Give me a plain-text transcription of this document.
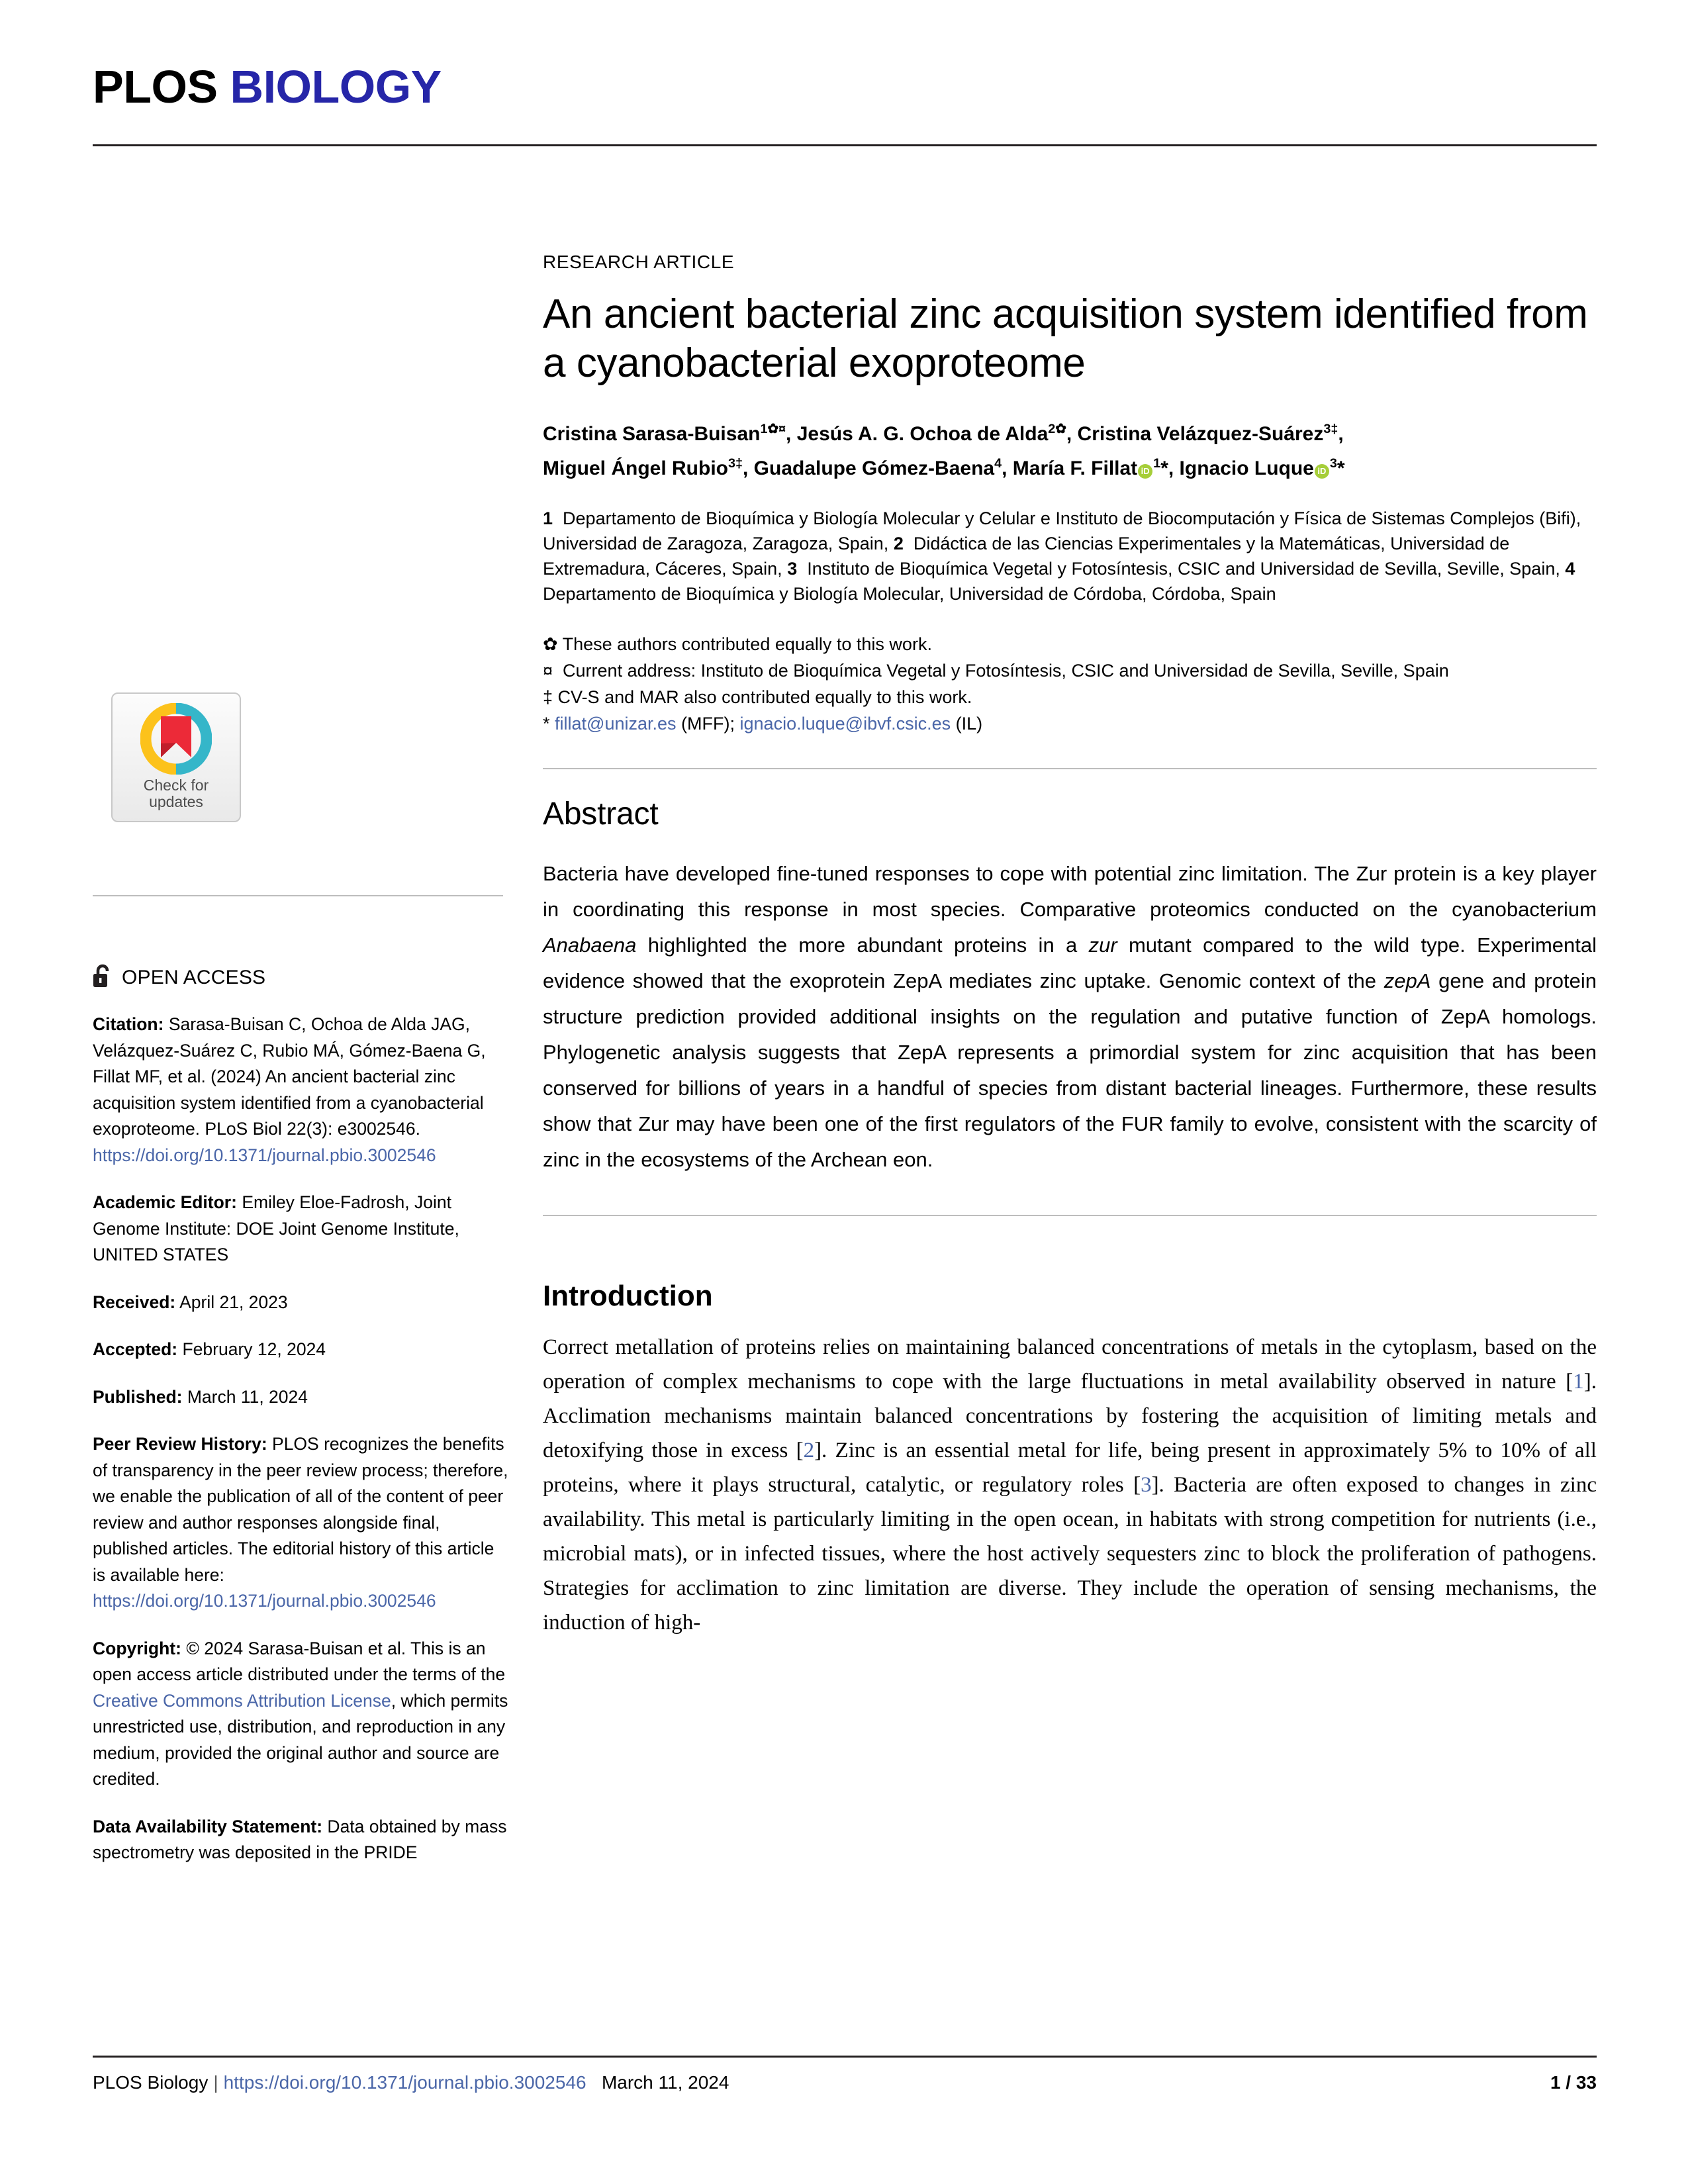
PLOS BIOLOGY
Check for
updates
OPEN ACCESS

Citation: Sarasa-Buisan C, Ochoa de Alda JAG, Velázquez-Suárez C, Rubio MÁ, Gómez-Baena G, Fillat MF, et al. (2024) An ancient bacterial zinc acquisition system identified from a cyanobacterial exoproteome. PLoS Biol 22(3): e3002546. https://doi.org/10.1371/journal.pbio.3002546

Academic Editor: Emiley Eloe-Fadrosh, Joint Genome Institute: DOE Joint Genome Institute, UNITED STATES

Received: April 21, 2023

Accepted: February 12, 2024

Published: March 11, 2024

Peer Review History: PLOS recognizes the benefits of transparency in the peer review process; therefore, we enable the publication of all of the content of peer review and author responses alongside final, published articles. The editorial history of this article is available here: https://doi.org/10.1371/journal.pbio.3002546

Copyright: © 2024 Sarasa-Buisan et al. This is an open access article distributed under the terms of the Creative Commons Attribution License, which permits unrestricted use, distribution, and reproduction in any medium, provided the original author and source are credited.

Data Availability Statement: Data obtained by mass spectrometry was deposited in the PRIDE

RESEARCH ARTICLE

An ancient bacterial zinc acquisition system identified from a cyanobacterial exoproteome

Cristina Sarasa-Buisan$^{1✿¤}$, Jesús A. G. Ochoa de Alda$^{2✿}$, Cristina Velázquez-Suárez$^{3\ddagger}$,
Miguel Ángel Rubio$^{3\ddagger}$, Guadalupe Gómez-Baena$^4$, María F. Fillat $iD^1*$, Ignacio Luque $iD^3*$

1 Departamento de Bioquímica y Biología Molecular y Celular e Instituto de Biocomputación y Física de Sistemas Complejos (Bifi), Universidad de Zaragoza, Zaragoza, Spain, 2 Didáctica de las Ciencias Experimentales y la Matemáticas, Universidad de Extremadura, Cáceres, Spain, 3 Instituto de Bioquímica Vegetal y Fotosíntesis, CSIC and Universidad de Sevilla, Seville, Spain, 4  Departamento de Bioquímica y Biología Molecular, Universidad de Córdoba, Córdoba, Spain

✿ These authors contributed equally to this work.
¤ Current address: Instituto de Bioquímica Vegetal y Fotosíntesis, CSIC and Universidad de Sevilla, Seville, Spain
‡ CV-S and MAR also contributed equally to this work.
* fillat@unizar.es (MFF); ignacio.luque@ibvf.csic.es (IL)
Abstract

Bacteria have developed fine-tuned responses to cope with potential zinc limitation. The Zur protein is a key player in coordinating this response in most species. Comparative proteomics conducted on the cyanobacterium Anabaena highlighted the more abundant proteins in a zur mutant compared to the wild type. Experimental evidence showed that the exoprotein ZepA mediates zinc uptake. Genomic context of the zepA gene and protein structure prediction provided additional insights on the regulation and putative function of ZepA homologs. Phylogenetic analysis suggests that ZepA represents a primordial system for zinc acquisition that has been conserved for billions of years in a handful of species from distant bacterial lineages. Furthermore, these results show that Zur may have been one of the first regulators of the FUR family to evolve, consistent with the scarcity of zinc in the ecosystems of the Archean eon.

Introduction

Correct metallation of proteins relies on maintaining balanced concentrations of metals in the cytoplasm, based on the operation of complex mechanisms to cope with the large fluctuations in metal availability observed in nature [1]. Acclimation mechanisms maintain balanced concentrations by fostering the acquisition of limiting metals and detoxifying those in excess [2]. Zinc is an essential metal for life, being present in approximately 5% to 10% of all proteins, where it plays structural, catalytic, or regulatory roles [3]. Bacteria are often exposed to changes in zinc availability. This metal is particularly limiting in the open ocean, in habitats with strong competition for nutrients (i.e., microbial mats), or in infected tissues, where the host actively sequesters zinc to block the proliferation of pathogens. Strategies for acclimation to zinc limitation are diverse. They include the operation of sensing mechanisms, the induction of high-

PLOS Biology | https://doi.org/10.1371/journal.pbio.3002546 March 11, 2024	1 / 33
